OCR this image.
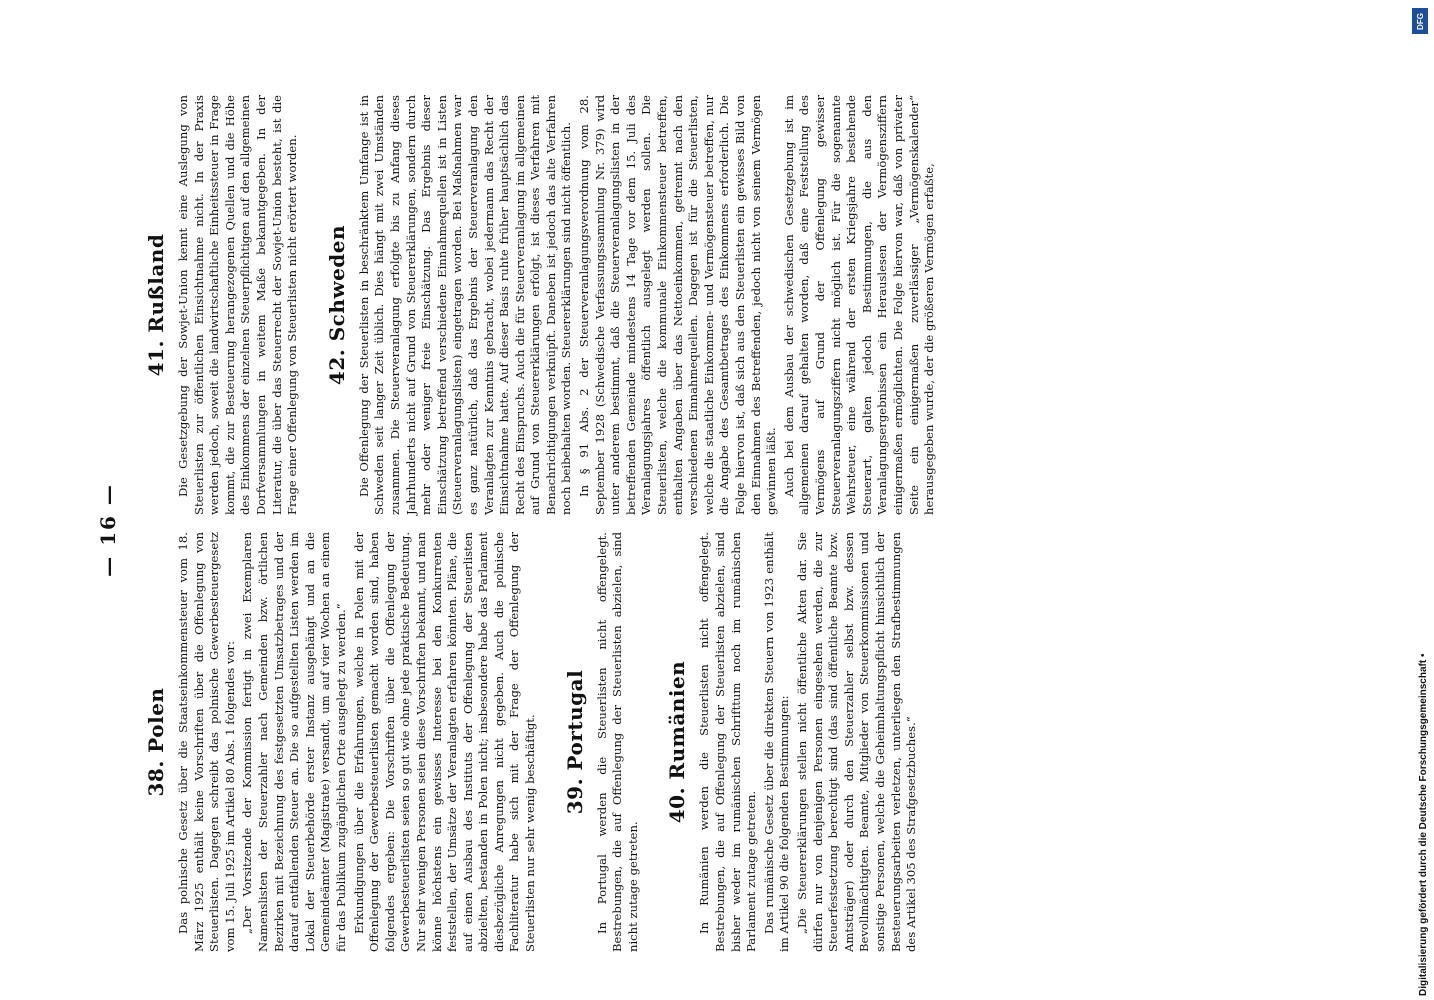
— 16 —
38. Polen Das polnische Gesetz über die Staatseinkommensteuer vom 18. März 1925 enthält keine Vorschriften über die Offenlegung von Steuerlisten. Dagegen schreibt das polnische Gewerbesteuergesetz vom 15. Juli 1925 im Artikel 80 Abs. 1 folgendes vor: „Der Vorsitzende der Kommission fertigt in zwei Exemplaren Namenslisten der Steuerzahler nach Gemeinden bzw. örtlichen Bezirken mit Bezeichnung des festgesetzten Umsatzbetrages und der darauf entfallenden Steuer an. Die so aufgestellten Listen werden im Lokal der Steuerbehörde erster Instanz ausgehängt und an die Gemeindeämter (Magistrate) versandt, um auf vier Wochen an einem für das Publikum zugänglichen Orte ausgelegt zu werden.“ Erkundigungen über die Erfahrungen, welche in Polen mit der Offenlegung der Gewerbesteuerlisten gemacht worden sind, haben folgendes ergeben: Die Vorschriften über die Offenlegung der Gewerbesteuerlisten seien so gut wie ohne jede praktische Bedeutung. Nur sehr wenigen Personen seien diese Vorschriften bekannt, und man könne höchstens ein gewisses Interesse bei den Konkurrenten feststellen, der Umsätze der Veranlagten erfahren könnten. Pläne, die auf einen Ausbau des Instituts der Offenlegung der Steuerlisten abzielten, bestanden in Polen nicht; insbesondere habe das Parlament diesbezügliche Anregungen nicht gegeben. Auch die polnische Fachliteratur habe sich mit der Frage der Offenlegung der Steuerlisten nur sehr wenig beschäftigt. 39. Portugal In Portugal werden die Steuerlisten nicht offengelegt. Bestrebungen, die auf Offenlegung der Steuerlisten abzielen, sind nicht zutage getreten.

40. Rumänien In Rumänien werden die Steuerlisten nicht offengelegt. Bestrebungen, die auf Offenlegung der Steuerlisten abzielen, sind bisher weder im rumänischen Schrifttum noch im rumänischen Parlament zutage getreten. Das rumänische Gesetz über die direkten Steuern von 1923 enthält im Artikel 90 die folgenden Bestimmungen: „Die Steuererklärungen stellen nicht öffentliche Akten dar. Sie dürfen nur von denjenigen Personen eingesehen werden, die zur Steuerfestsetzung berechtigt sind (das sind öffentliche Beamte bzw. Amtsträger) oder durch den Steuerzahler selbst bzw. dessen Bevollmächtigten. Beamte, Mitglieder von Steuerkommissionen und sonstige Personen, welche die Geheimhaltungspflicht hinsichtlich der Besteuerungsarbeiten verletzen, unterliegen den Strafbestimmungen des Artikel 305 des Strafgesetzbuches.“

41. Rußland Die Gesetzgebung der Sowjet-Union kennt eine Auslegung von Steuerlisten zur öffentlichen Einsichtnahme nicht. In der Praxis werden jedoch, soweit die landwirtschaftliche Einheitssteuer in Frage kommt, die zur Besteuerung herangezogenen Quellen und die Höhe des Einkommens der einzelnen Steuerpflichtigen auf den allgemeinen Dorfversammlungen in weitem Maße bekanntgegeben. In der Literatur, die über das Steuerrecht der Sowjet-Union besteht, ist die Frage einer Offenlegung von Steuerlisten nicht erörtert worden. 42. Schweden Die Offenlegung der Steuerlisten in beschränktem Umfange ist in Schweden seit langer Zeit üblich. Dies hängt mit zwei Umständen zusammen. Die Steuerveranlagung erfolgte bis zu Anfang dieses Jahrhunderts nicht auf Grund von Steuererklärungen, sondern durch mehr oder weniger freie Einschätzung. Das Ergebnis dieser Einschätzung betreffend verschiedene Einnahmequellen ist in Listen (Steuerveranlagungslisten) eingetragen worden. Bei Maßnahmen war es ganz natürlich, daß das Ergebnis der Steuerveranlagung den Veranlagten zur Kenntnis gebracht, wobei jedermann das Recht der Einsichtnahme hatte. Auf dieser Basis ruhte früher hauptsächlich das Recht des Einspruchs. Auch die für Steuerveranlagung im allgemeinen auf Grund von Steuererklärungen erfolgt, ist dieses Verfahren mit Benachrichtigungen verknüpft. Daneben ist jedoch das alte Verfahren noch beibehalten worden. Steuererklärungen sind nicht öffentlich. In § 91 Abs. 2 der Steuerveranlagungsverordnung vom 28. September 1928 (Schwedische Verfassungssammlung Nr. 379) wird unter anderem bestimmt, daß die Steuerveranlagungslisten in der betreffenden Gemeinde mindestens 14 Tage vor dem 15. Juli des Veranlagungsjahres öffentlich ausgelegt werden sollen. Die Steuerlisten, welche die kommunale Einkommensteuer betreffen, enthalten Angaben über das Nettoeinkommen, getrennt nach den verschiedenen Einnahmequellen. Dagegen ist für die Steuerlisten, welche die staatliche Einkommen- und Vermögensteuer betreffen, nur die Angabe des Gesamtbetrages des Einkommens erforderlich. Die Folge hiervon ist, daß sich aus den Steuerlisten ein gewisses Bild von den Einnahmen des Betreffenden, jedoch nicht von seinem Vermögen gewinnen läßt. Auch bei dem Ausbau der schwedischen Gesetzgebung ist im allgemeinen darauf gehalten worden, daß eine Feststellung des Vermögens auf Grund der Offenlegung gewisser Steuerveranlagungsziffern nicht möglich ist. Für die sogenannte Wehrsteuer, eine während der ersten Kriegsjahre bestehende Steuerart, galten jedoch Bestimmungen, die aus den Veranlagungsergebnissen ein Herauslesen der Vermögensziffern einigermaßen ermöglichten. Die Folge hiervon war, daß von privater Seite ein einigermaßen zuverlässiger „Vermögenskalender“ herausgegeben wurde, der die größeren Vermögen erfaßte,

DFG
Digitalisierung gefördert durch die Deutsche Forschungsgemeinschaft •
